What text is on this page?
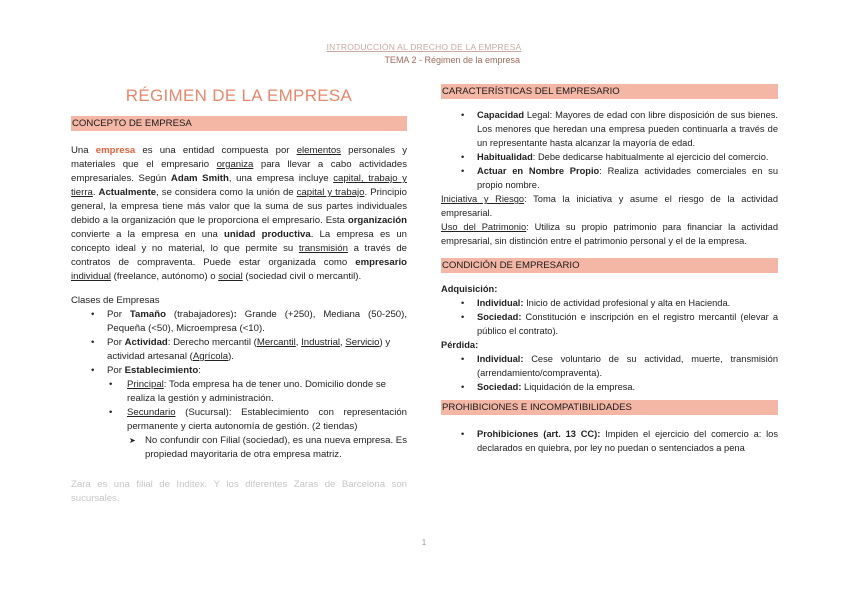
INTRODUCCIÓN AL DRECHO DE LA EMPRESA
TEMA 2 - Régimen de la empresa
RÉGIMEN DE LA EMPRESA
CONCEPTO DE EMPRESA

Una empresa es una entidad compuesta por elementos personales y materiales que el empresario organiza para llevar a cabo actividades empresariales. Según Adam Smith, una empresa incluye capital, trabajo y tierra. Actualmente, se considera como la unión de capital y trabajo. Principio general, la empresa tiene más valor que la suma de sus partes individuales debido a la organización que le proporciona el empresario. Esta organización convierte a la empresa en una unidad productiva. La empresa es un concepto ideal y no material, lo que permite su transmisión a través de contratos de compraventa. Puede estar organizada como empresario individual (freelance, autónomo) o social (sociedad civil o mercantil).

Clases de Empresas

• Por Tamaño (trabajadores): Grande (+250), Mediana (50-250), Pequeña (<50), Microempresa (<10).
• Por Actividad: Derecho mercantil (Mercantil, Industrial, Servicio) y actividad artesanal (Agrícola).
• Por Establecimiento:
• Principal: Toda empresa ha de tener uno. Domicilio donde se realiza la gestión y administración.
• Secundario (Sucursal): Establecimiento con representación permanente y cierta autonomía de gestión. (2 tiendas)
➤ No confundir con Filial (sociedad), es una nueva empresa. Es propiedad mayoritaria de otra empresa matriz.

Zara es una filial de Inditex. Y los diferentes Zaras de Barcelona son sucursales.

CARACTERÍSTICAS DEL EMPRESARIO
• Capacidad Legal: Mayores de edad con libre disposición de sus bienes. Los menores que heredan una empresa pueden continuarla a través de un representante hasta alcanzar la mayoría de edad.
• Habitualidad: Debe dedicarse habitualmente al ejercicio del comercio.
• Actuar en Nombre Propio: Realiza actividades comerciales en su propio nombre.

Iniciativa y Riesgo: Toma la iniciativa y asume el riesgo de la actividad empresarial.

Uso del Patrimonio: Utiliza su propio patrimonio para financiar la actividad empresarial, sin distinción entre el patrimonio personal y el de la empresa.

CONDICIÓN DE EMPRESARIO

Adquisición:

• Individual: Inicio de actividad profesional y alta en Hacienda.
• Sociedad: Constitución e inscripción en el registro mercantil (elevar a público el contrato).

Pérdida:

• Individual: Cese voluntario de su actividad, muerte, transmisión (arrendamiento/compraventa).
• Sociedad: Liquidación de la empresa.
PROHIBICIONES E INCOMPATIBILIDADES
• Prohibiciones (art. 13 CC): Impiden el ejercicio del comercio a: los declarados en quiebra, por ley no puedan o sentenciados a pena
1
